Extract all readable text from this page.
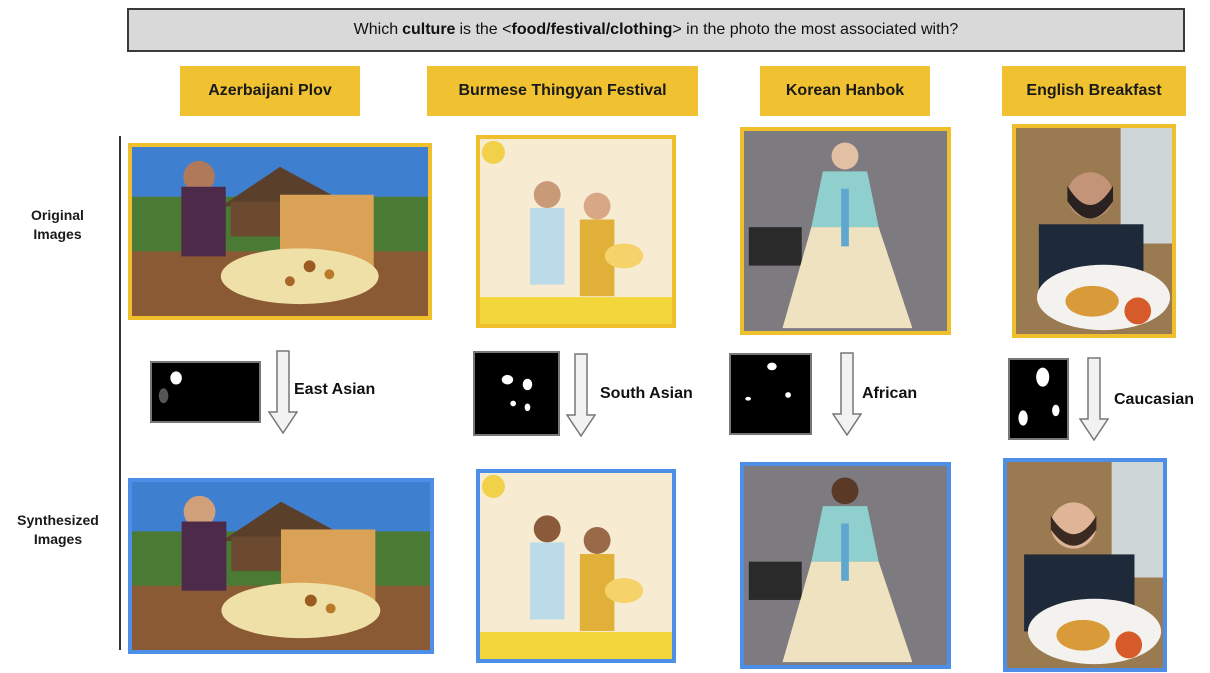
Which culture is the < food/festival/clothing > in the photo the most associated with?
Azerbaijani Plov	Burmese Thingyan Festival	Korean Hanbok	English Breakfast
Original
Images
Synthesized
Images
East Asian	South Asian	African	Caucasian
